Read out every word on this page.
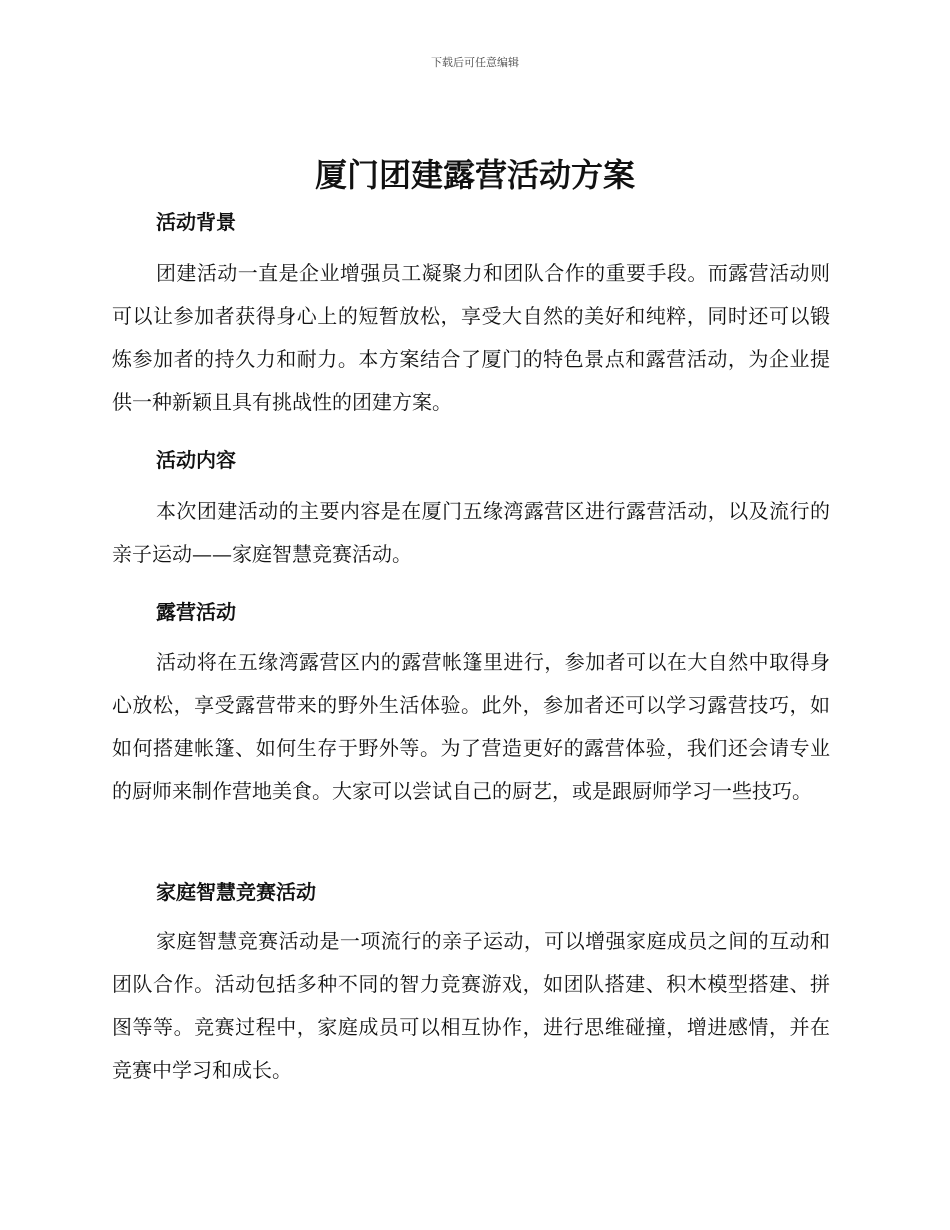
下载后可任意编辑
厦门团建露营活动方案
活动背景

团建活动一直是企业增强员工凝聚力和团队合作的重要手段。而露营活动则可以让参加者获得身心上的短暂放松，享受大自然的美好和纯粹，同时还可以锻炼参加者的持久力和耐力。本方案结合了厦门的特色景点和露营活动，为企业提供一种新颖且具有挑战性的团建方案。

活动内容

本次团建活动的主要内容是在厦门五缘湾露营区进行露营活动，以及流行的亲子运动——家庭智慧竞赛活动。

露营活动

活动将在五缘湾露营区内的露营帐篷里进行，参加者可以在大自然中取得身心放松，享受露营带来的野外生活体验。此外，参加者还可以学习露营技巧，如如何搭建帐篷、如何生存于野外等。为了营造更好的露营体验，我们还会请专业的厨师来制作营地美食。大家可以尝试自己的厨艺，或是跟厨师学习一些技巧。

家庭智慧竞赛活动

家庭智慧竞赛活动是一项流行的亲子运动，可以增强家庭成员之间的互动和团队合作。活动包括多种不同的智力竞赛游戏，如团队搭建、积木模型搭建、拼图等等。竞赛过程中，家庭成员可以相互协作，进行思维碰撞，增进感情，并在竞赛中学习和成长。
